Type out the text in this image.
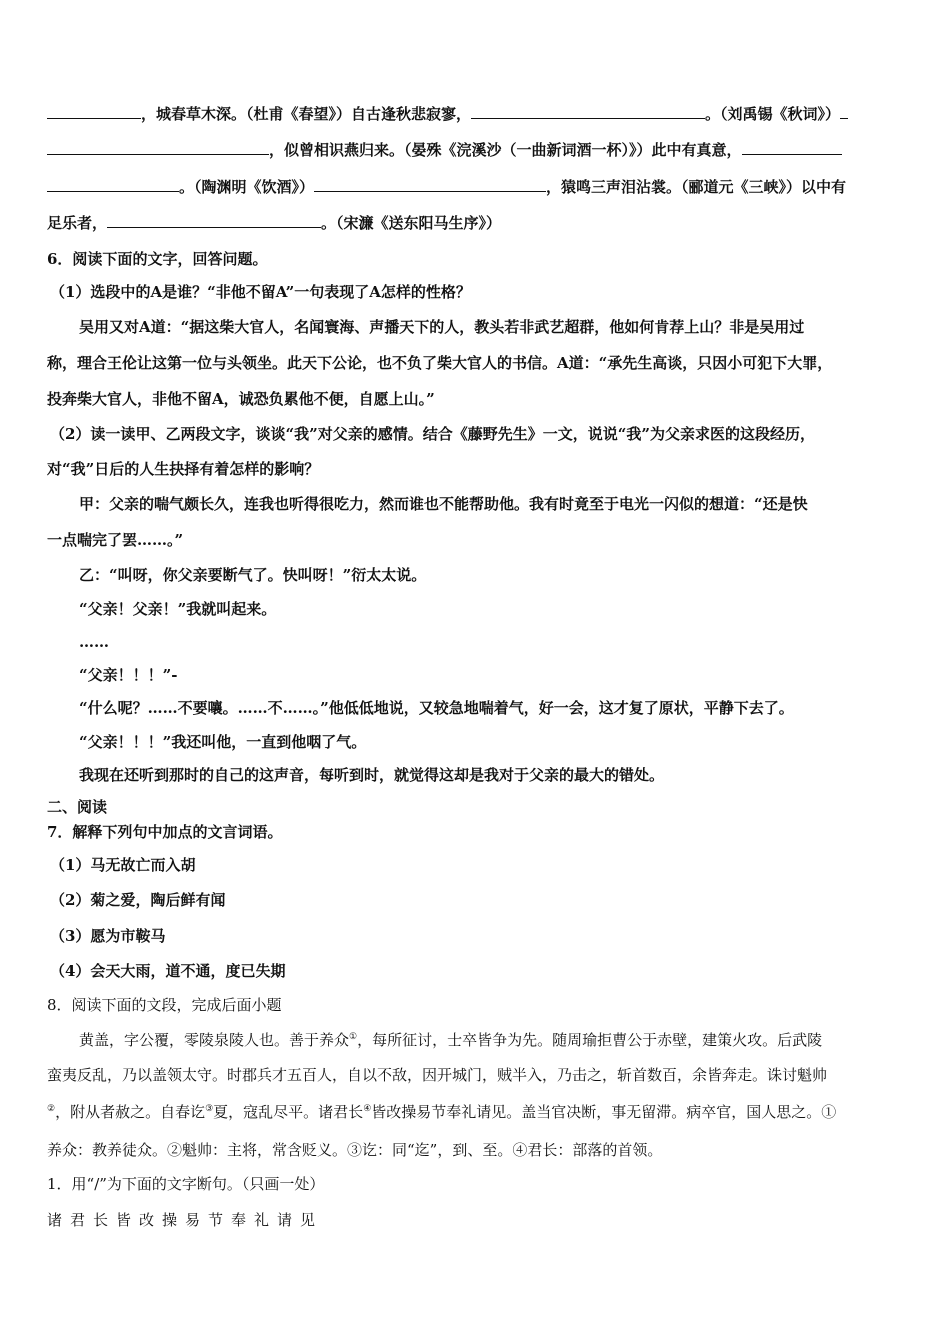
，城春草木深。（杜甫《春望》）自古逢秋悲寂寥，	。（刘禹锡《秋词》）
，似曾相识燕归来。（晏殊《浣溪沙（一曲新词酒一杯）》）此中有真意，
。（陶渊明《饮酒》）	，猿鸣三声泪沾裳。（郦道元《三峡》）以中有
足乐者，	。（宋濂《送东阳马生序》）
6．阅读下面的文字，回答问题。
（1）选段中的A是谁？“非他不留A”一句表现了A怎样的性格？
吴用又对A道：“据这柴大官人，名闻寰海、声播天下的人，教头若非武艺超群，他如何肯荐上山？非是吴用过
称，理合王伦让这第一位与头领坐。此天下公论，也不负了柴大官人的书信。A道：“承先生高谈，只因小可犯下大罪，
投奔柴大官人，非他不留A，诚恐负累他不便，自愿上山。”
（2）读一读甲、乙两段文字，谈谈“我”对父亲的感情。结合《藤野先生》一文，说说“我”为父亲求医的这段经历，
对“我”日后的人生抉择有着怎样的影响？
甲：父亲的喘气颇长久，连我也听得很吃力，然而谁也不能帮助他。我有时竟至于电光一闪似的想道：“还是快
一点喘完了罢……。”
乙：“叫呀，你父亲要断气了。快叫呀！”衍太太说。
“父亲！父亲！”我就叫起来。
……
“父亲！！！”-
“什么呢？……不要嚷。……不……。”他低低地说，又较急地喘着气，好一会，这才复了原状，平静下去了。
“父亲！！！”我还叫他，一直到他咽了气。
我现在还听到那时的自己的这声音，每听到时，就觉得这却是我对于父亲的最大的错处。
二、阅读
7．解释下列句中加点的文言词语。
（1）马无故亡而入胡
（2）菊之爱，陶后鲜有闻
（3）愿为市鞍马
（4）会天大雨，道不通，度已失期
8．阅读下面的文段，完成后面小题
黄盖，字公覆，零陵泉陵人也。善于养众①，每所征讨，士卒皆争为先。随周瑜拒曹公于赤壁，建策火攻。后武陵
蛮夷反乱，乃以盖领太守。时郡兵才五百人，自以不敌，因开城门，贼半入，乃击之，斩首数百，余皆奔走。诛讨魁帅
②，附从者赦之。自春讫③夏，寇乱尽平。诸君长④皆改操易节奉礼请见。盖当官决断，事无留滞。病卒官，国人思之。①
养众：教养徒众。②魁帅：主将，常含贬义。③讫：同“迄”，到、至。④君长：部落的首领。
1．用“/”为下面的文字断句。（只画一处）
诸君长皆改操易节奉礼请见
